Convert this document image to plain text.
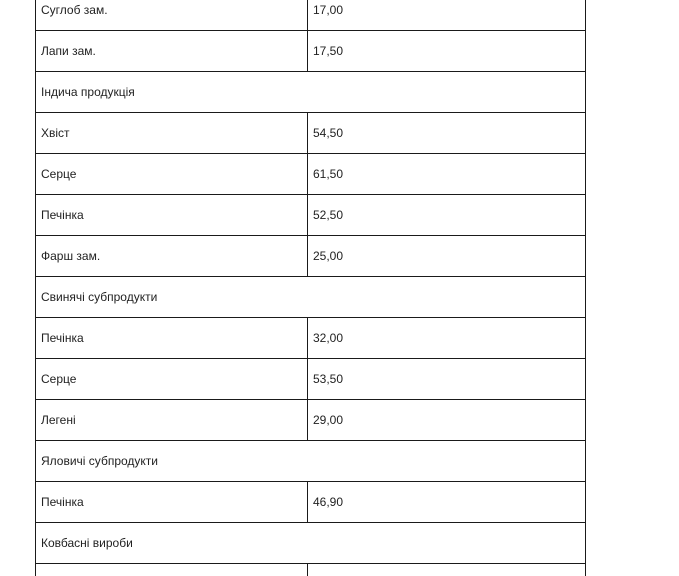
Суглоб зам.	17,00
Лапи зам.	17,50
Індича продукція	
Хвіст	54,50
Серце	61,50
Печінка	52,50
Фарш зам.	25,00
Свинячі субпродукти	
Печінка	32,00
Серце	53,50
Легені	29,00
Яловичі субпродукти	
Печінка	46,90
Ковбасні вироби	
